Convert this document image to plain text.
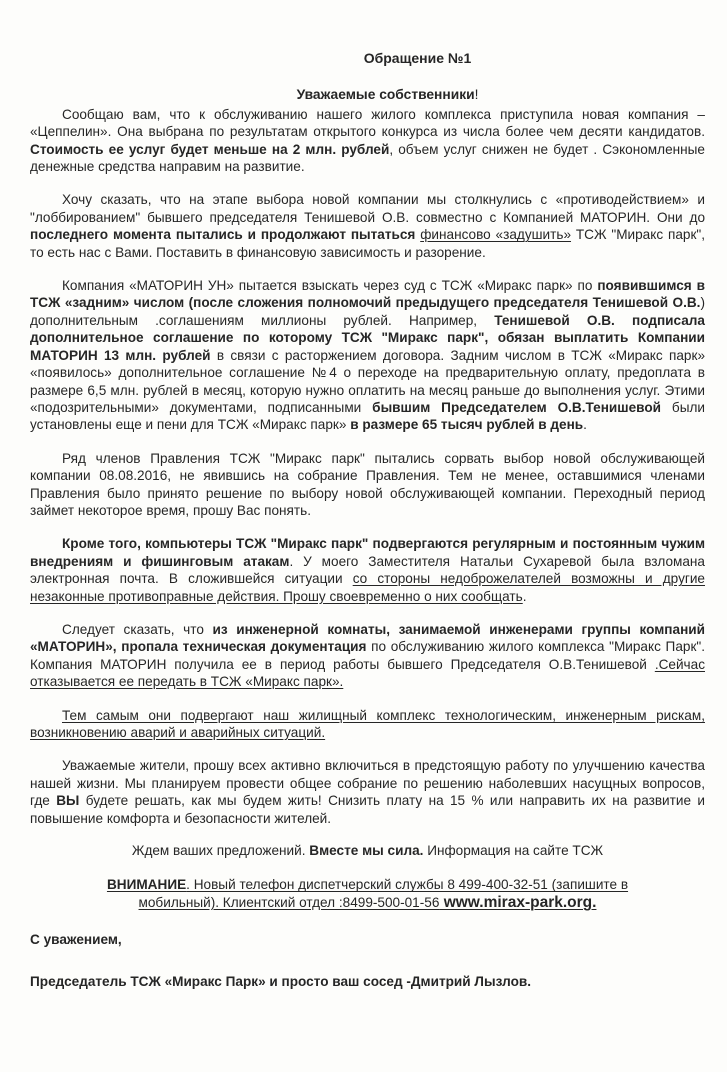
Обращение №1
Уважаемые собственники!
Сообщаю вам, что к обслуживанию нашего жилого комплекса приступила новая компания – «Цеппелин». Она выбрана по результатам открытого конкурса из числа более чем десяти кандидатов. Стоимость ее услуг будет меньше на 2 млн. рублей, объем услуг снижен не будет . Сэкономленные денежные средства направим на развитие.
Хочу сказать, что на этапе выбора новой компании мы столкнулись с «противодействием» и "лоббированием" бывшего председателя Тенишевой О.В. совместно с Компанией МАТОРИН. Они до последнего момента пытались и продолжают пытаться финансово «задушить» ТСЖ "Миракс парк", то есть нас с Вами. Поставить в финансовую зависимость и разорение.
Компания «МАТОРИН УН» пытается взыскать через суд с ТСЖ «Миракс парк» по появившимся в ТСЖ «задним» числом (после сложения полномочий предыдущего председателя Тенишевой О.В.) дополнительным .соглашениям миллионы рублей. Например, Тенишевой О.В. подписала дополнительное соглашение по которому ТСЖ "Миракс парк", обязан выплатить Компании МАТОРИН 13 млн. рублей в связи с расторжением договора. Задним числом в ТСЖ «Миракс парк» «появилось» дополнительное соглашение №4 о переходе на предварительную оплату, предоплата в размере 6,5 млн. рублей в месяц, которую нужно оплатить на месяц раньше до выполнения услуг. Этими «подозрительными» документами, подписанными бывшим Председателем О.В.Тенишевой были установлены еще и пени для ТСЖ «Миракс парк» в размере 65 тысяч рублей в день.
Ряд членов Правления ТСЖ "Миракс парк" пытались сорвать выбор новой обслуживающей компании 08.08.2016, не явившись на собрание Правления. Тем не менее, оставшимися членами Правления было принято решение по выбору новой обслуживающей компании. Переходный период займет некоторое время, прошу Вас понять.
Кроме того, компьютеры ТСЖ "Миракс парк" подвергаются регулярным и постоянным чужим внедрениям и фишинговым атакам. У моего Заместителя Натальи Сухаревой была взломана электронная почта. В сложившейся ситуации со стороны недоброжелателей возможны и другие незаконные противоправные действия. Прошу своевременно о них сообщать.
Следует сказать, что из инженерной комнаты, занимаемой инженерами группы компаний «МАТОРИН», пропала техническая документация по обслуживанию жилого комплекса "Миракс Парк". Компания МАТОРИН получила ее в период работы бывшего Председателя О.В.Тенишевой .Сейчас отказывается ее передать в ТСЖ «Миракс парк».
Тем самым они подвергают наш жилищный комплекс технологическим, инженерным рискам, возникновению аварий и аварийных ситуаций.
Уважаемые жители, прошу всех активно включиться в предстоящую работу по улучшению качества нашей жизни. Мы планируем провести общее собрание по решению наболевших насущных вопросов, где ВЫ будете решать, как мы будем жить! Снизить плату на 15 % или направить их на развитие и повышение комфорта и безопасности жителей.
Ждем ваших предложений. Вместе мы сила. Информация на сайте ТСЖ
ВНИМАНИЕ. Новый телефон диспетчерский службы 8 499-400-32-51 (запишите в
мобильный). Клиентский отдел :8499-500-01-56 www.mirax-park.org.
С уважением,
Председатель ТСЖ «Миракс Парк» и просто ваш сосед -Дмитрий Лызлов.
